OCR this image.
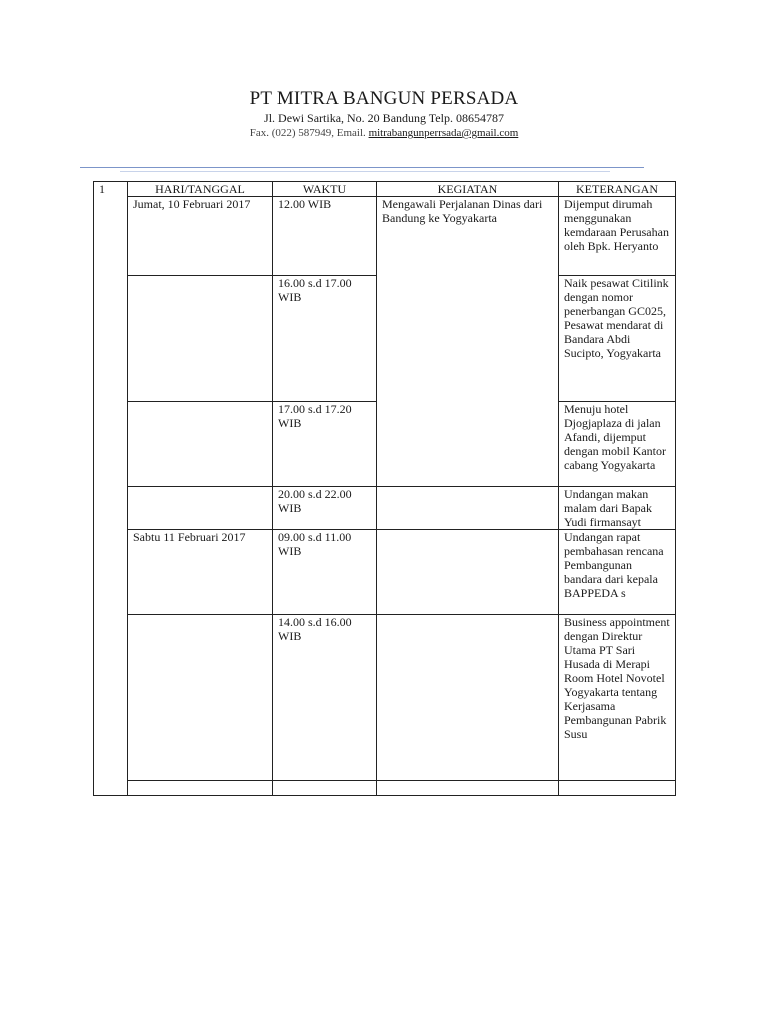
PT MITRA BANGUN PERSADA
Jl. Dewi Sartika, No. 20 Bandung Telp. 08654787
Fax. (022) 587949, Email. mitrabangunperrsada@gmail.com
1	HARI/TANGGAL	WAKTU	KEGIATAN	KETERANGAN
	Jumat, 10 Februari 2017	12.00 WIB	Mengawali Perjalanan Dinas dari Bandung ke Yogyakarta	Dijemput dirumah menggunakan kemdaraan Perusahan oleh Bpk. Heryanto
		16.00 s.d 17.00 WIB		Naik pesawat Citilink dengan nomor penerbangan GC025, Pesawat mendarat di Bandara Abdi Sucipto, Yogyakarta
		17.00 s.d 17.20 WIB		Menuju hotel Djogjaplaza di jalan Afandi, dijemput dengan mobil Kantor cabang Yogyakarta
		20.00 s.d 22.00 WIB		Undangan makan malam dari Bapak Yudi firmansayt
	Sabtu 11 Februari 2017	09.00 s.d 11.00 WIB		Undangan rapat pembahasan rencana Pembangunan bandara dari kepala BAPPEDA s
		14.00 s.d 16.00 WIB		Business appointment dengan Direktur Utama PT Sari Husada di Merapi Room Hotel Novotel Yogyakarta tentang Kerjasama Pembangunan Pabrik Susu
